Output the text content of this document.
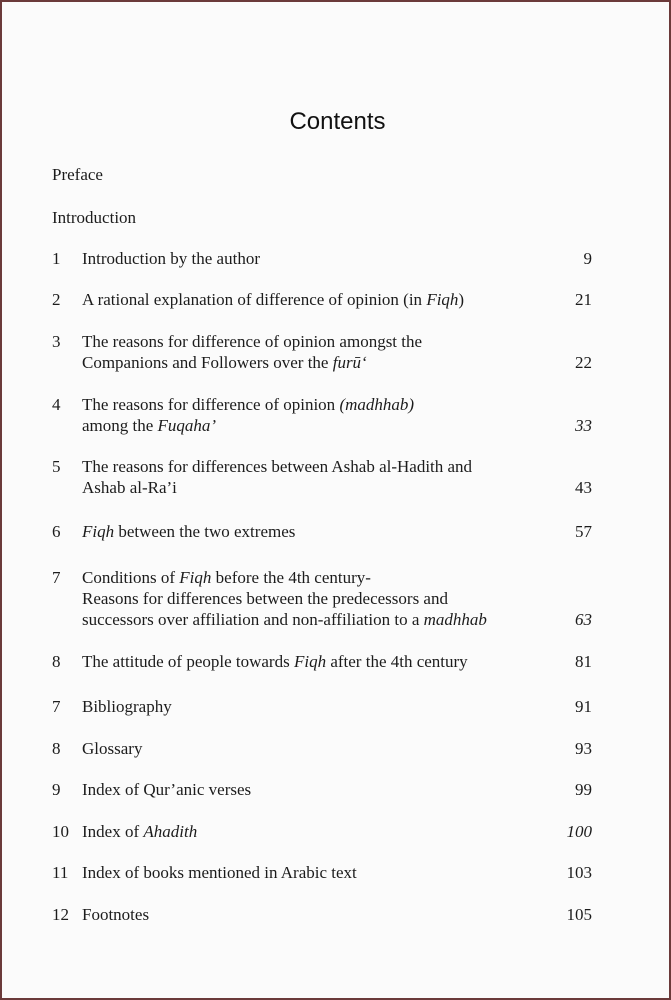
Contents
Preface
Introduction
1 Introduction by the author	9
2 A rational explanation of difference of opinion (in Fiqh)	21
3 The reasons for difference of opinion amongst the
Companions and Followers over the furū‘	22
4 The reasons for difference of opinion (madhhab)
among the Fuqaha’	33
5 The reasons for differences between Ashab al-Hadith and
Ashab al-Ra’i	43
6 Fiqh between the two extremes	57
7 Conditions of Fiqh before the 4th century-
Reasons for differences between the predecessors and
successors over affiliation and non-affiliation to a madhhab	63
8 The attitude of people towards Fiqh after the 4th century	81
7 Bibliography	91
8 Glossary	93
9 Index of Qur’anic verses	99
10 Index of Ahadith	100
11 Index of books mentioned in Arabic text	103
12 Footnotes	105
